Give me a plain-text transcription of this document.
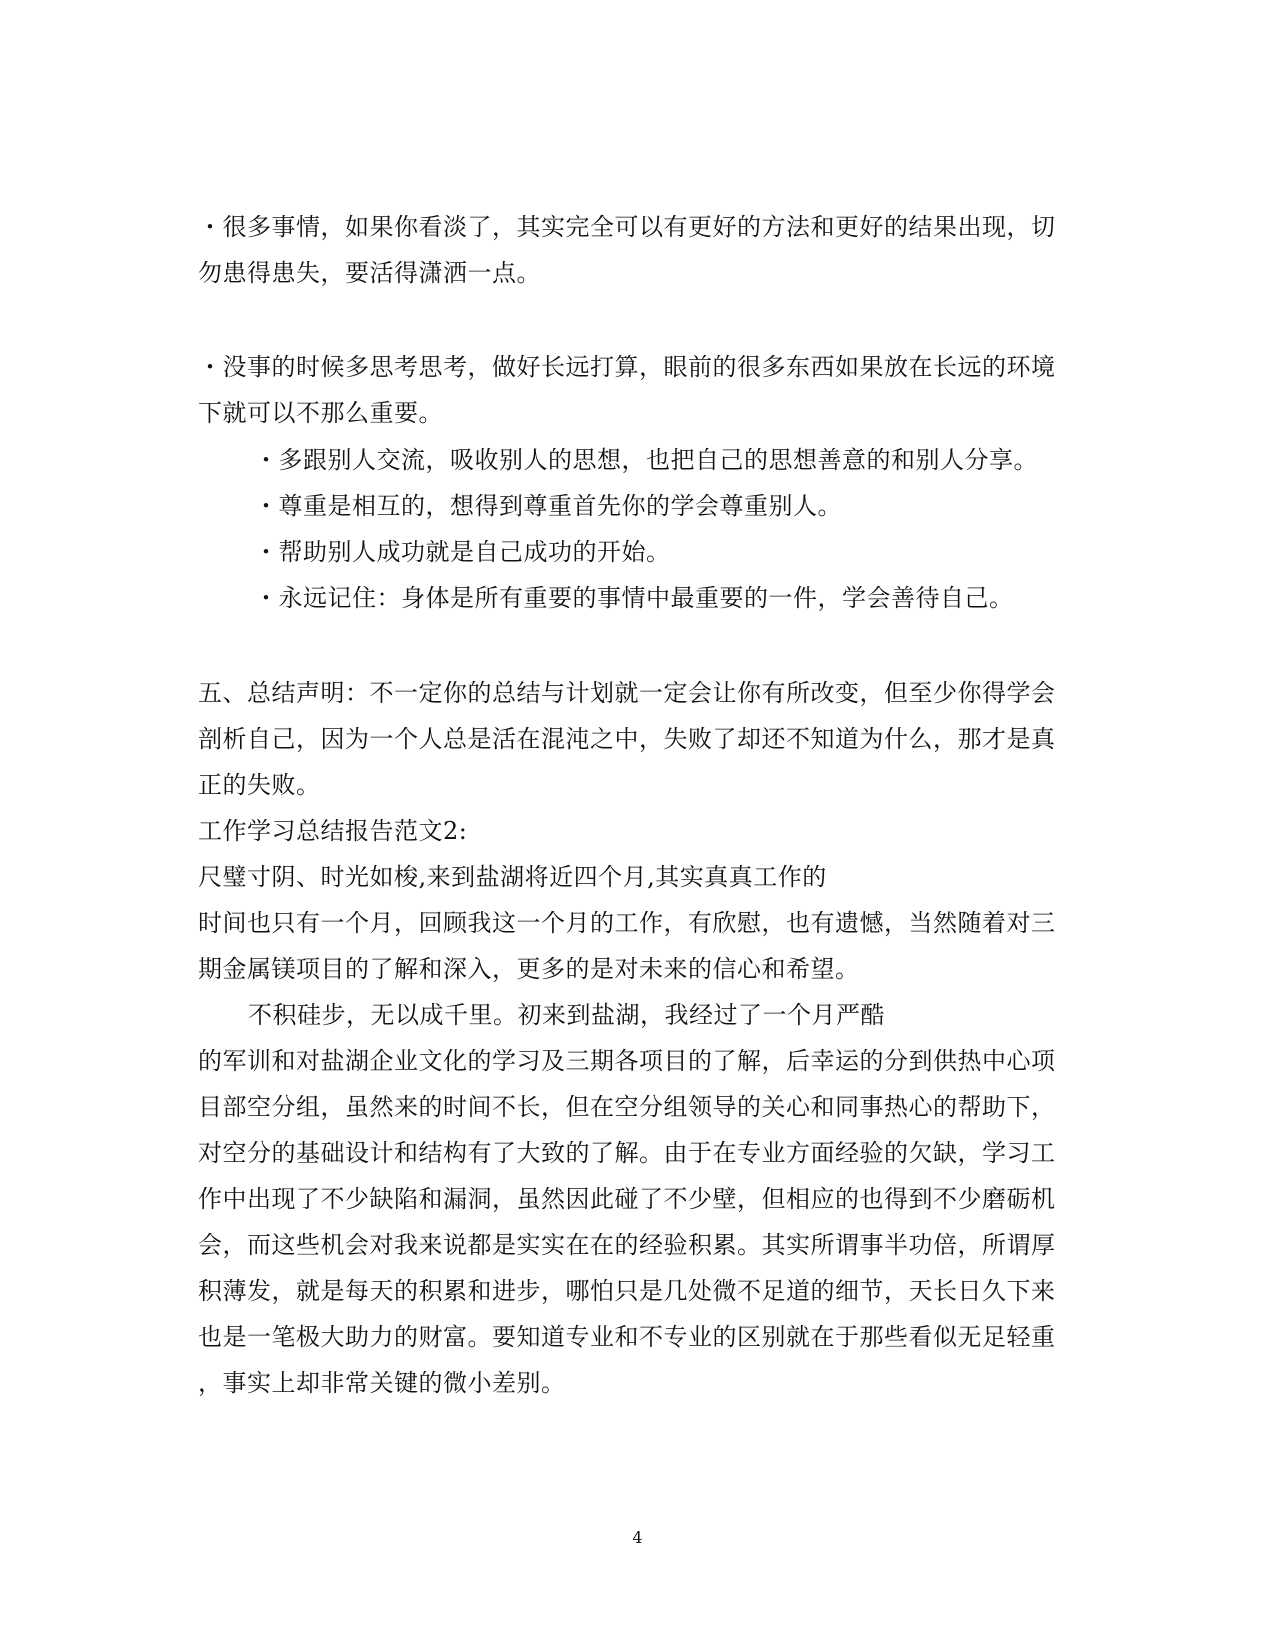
・很多事情，如果你看淡了，其实完全可以有更好的方法和更好的结果出现，切
勿患得患失，要活得潇洒一点。
・没事的时候多思考思考，做好长远打算，眼前的很多东西如果放在长远的环境
下就可以不那么重要。
・多跟别人交流，吸收别人的思想，也把自己的思想善意的和别人分享。
・尊重是相互的，想得到尊重首先你的学会尊重别人。
・帮助别人成功就是自己成功的开始。
・永远记住：身体是所有重要的事情中最重要的一件，学会善待自己。
五、总结声明：不一定你的总结与计划就一定会让你有所改变，但至少你得学会
剖析自己，因为一个人总是活在混沌之中，失败了却还不知道为什么，那才是真
正的失败。
工作学习总结报告范文2:
尺璧寸阴、时光如梭,来到盐湖将近四个月,其实真真工作的
时间也只有一个月，回顾我这一个月的工作，有欣慰，也有遗憾，当然随着对三
期金属镁项目的了解和深入，更多的是对未来的信心和希望。
不积硅步，无以成千里。初来到盐湖，我经过了一个月严酷
的军训和对盐湖企业文化的学习及三期各项目的了解，后幸运的分到供热中心项
目部空分组，虽然来的时间不长，但在空分组领导的关心和同事热心的帮助下，
对空分的基础设计和结构有了大致的了解。由于在专业方面经验的欠缺，学习工
作中出现了不少缺陷和漏洞，虽然因此碰了不少壁，但相应的也得到不少磨砺机
会，而这些机会对我来说都是实实在在的经验积累。其实所谓事半功倍，所谓厚
积薄发，就是每天的积累和进步，哪怕只是几处微不足道的细节，天长日久下来
也是一笔极大助力的财富。要知道专业和不专业的区别就在于那些看似无足轻重
，事实上却非常关键的微小差别。
4
